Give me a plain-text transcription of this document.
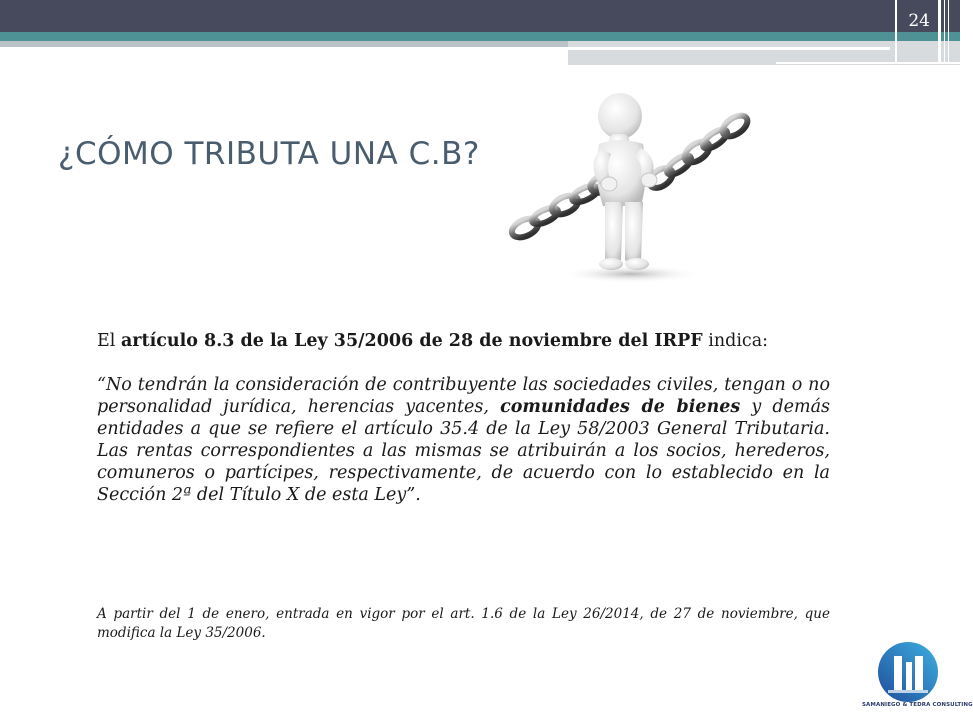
24
¿CÓMO TRIBUTA UNA C.B?

El artículo 8.3 de la Ley 35/2006 de 28 de noviembre del IRPF indica:

“No tendrán la consideración de contribuyente las sociedades civiles, tengan o no personalidad jurídica, herencias yacentes, comunidades de bienes y demás entidades a que se refiere el artículo 35.4 de la Ley 58/2003 General Tributaria. Las rentas correspondientes a las mismas se atribuirán a los socios, herederos, comuneros o partícipes, respectivamente, de acuerdo con lo establecido en la Sección 2ª del Título X de esta Ley”.

A partir del 1 de enero, entrada en vigor por el art. 1.6 de la Ley 26/2014, de 27 de noviembre, que modifica la Ley 35/2006.
SAMANIEGO & TEDRA CONSULTING
